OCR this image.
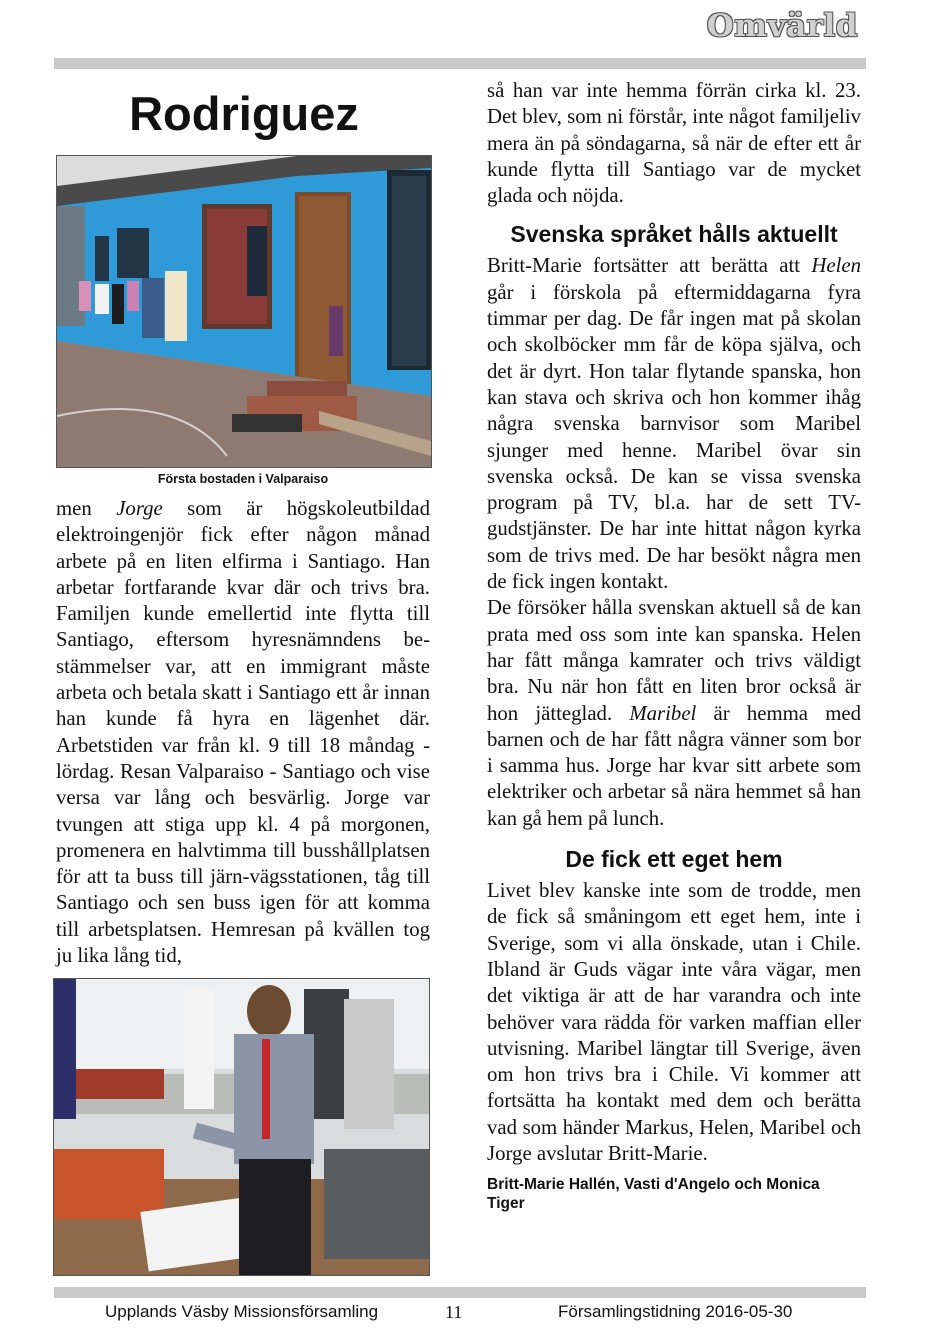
Omvärld
Rodriguez
Första bostaden i Valparaiso
men Jorge som är högskoleutbildad elektroingenjör fick efter någon månad arbete på en liten elfirma i Santiago. Han arbetar fortfarande kvar där och trivs bra. Familjen kunde emellertid inte flytta till Santiago, eftersom hyresnämndens be-stämmelser var, att en immigrant måste arbeta och betala skatt i Santiago ett år innan han kunde få hyra en lägenhet där. Arbetstiden var från kl. 9 till 18 måndag - lördag. Resan Valparaiso - Santiago och vise versa var lång och besvärlig. Jorge var tvungen att stiga upp kl. 4 på morgonen, promenera en halvtimma till busshållplatsen för att ta buss till järn-vägsstationen, tåg till Santiago och sen buss igen för att komma till arbetsplatsen. Hemresan på kvällen tog ju lika lång tid,

så han var inte hemma förrän cirka kl. 23. Det blev, som ni förstår, inte något familjeliv mera än på söndagarna, så när de efter ett år kunde flytta till Santiago var de mycket glada och nöjda.

Svenska språket hålls aktuellt

Britt-Marie fortsätter att berätta att Helen går i förskola på eftermiddagarna fyra timmar per dag. De får ingen mat på skolan och skolböcker mm får de köpa själva, och det är dyrt. Hon talar flytande spanska, hon kan stava och skriva och hon kommer ihåg några svenska barnvisor som Maribel sjunger med henne. Maribel övar sin svenska också. De kan se vissa svenska program på TV, bl.a. har de sett TV-gudstjänster. De har inte hittat någon kyrka som de trivs med. De har besökt några men de fick ingen kontakt.

De försöker hålla svenskan aktuell så de kan prata med oss som inte kan spanska. Helen har fått många kamrater och trivs väldigt bra. Nu när hon fått en liten bror också är hon jätteglad. Maribel är hemma med barnen och de har fått några vänner som bor i samma hus. Jorge har kvar sitt arbete som elektriker och arbetar så nära hemmet så han kan gå hem på lunch.

De fick ett eget hem

Livet blev kanske inte som de trodde, men de fick så småningom ett eget hem, inte i Sverige, som vi alla önskade, utan i Chile. Ibland är Guds vägar inte våra vägar, men det viktiga är att de har varandra och inte behöver vara rädda för varken maffian eller utvisning. Maribel längtar till Sverige, även om hon trivs bra i Chile. Vi kommer att fortsätta ha kontakt med dem och berätta vad som händer Markus, Helen, Maribel och Jorge avslutar Britt-Marie.

Britt-Marie Hallén, Vasti d'Angelo och Monica Tiger
Upplands Väsby Missionsförsamling	11	Församlingstidning 2016-05-30
